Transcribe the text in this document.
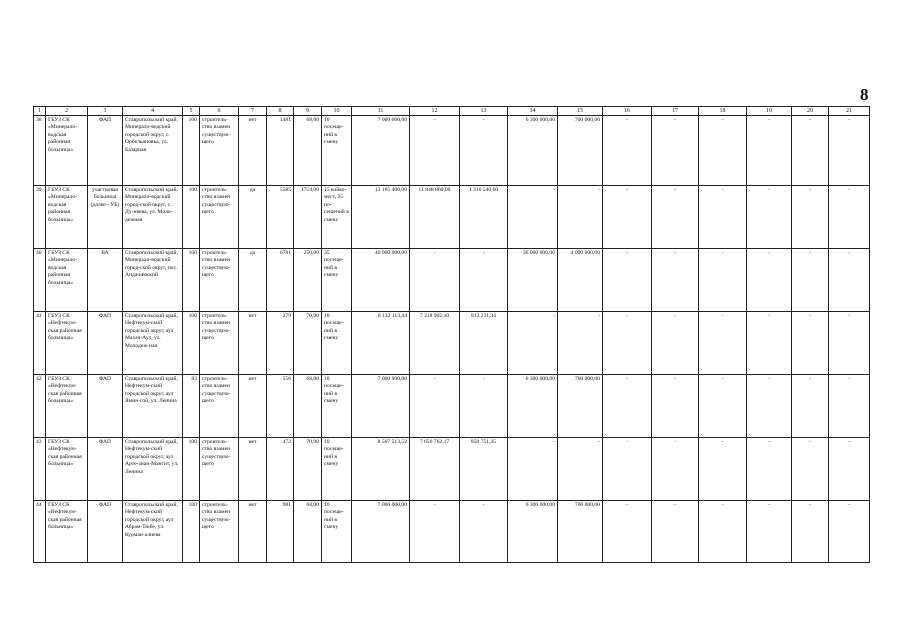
8
1	2	3	4	5	6	7	8	9	10	11	12	13	14	15	16	17	18	19	20	21
38	ГБУЗ СК «Минерало-водская районная больница»	ФАП	Ставропольский край, Минерало-водский городской округ, с. Орбельяновка, ул. Базарная	100	строитель-ство взамен существую-щего	нет	1481	68,00	10 посеще-ний в смену	7 000 000,00	-	-	6 300 000,00	700 000,00	-	-	-	-	-	-
39	ГБУЗ СК «Минерало-водская районная больница»	участковая больница (далее - УБ)	Ставропольский край, Минерало-водский город-ской округ, с. Ду-няева, ул. Моло-дежная	100	строитель-ство взамен существую-щего	да	5585	1754,00	15 койко-мест, 35 по-сещений в смену	13 165 400,00	11 848 860,00	1 316 540,00	-	-	-	-	-	-	-	-
40	ГБУЗ СК «Минерало-водская районная больница»	ВА	Ставропольский край, Минерало-водский город-ской округ, пос. Анджиевский	100	строитель-ство взамен существую-щего	да	6781	250,00	35 посеще-ний в смену	40 000 000,00	-	-	36 000 000,00	4 000 000,00	-	-	-	-	-	-
41	ГБУЗ СК «Нефтекум-ская районная больница»	ФАП	Ставропольский край, Нефтекум-ский городской округ, аул Махач-Аул, ул. Молодеж-ная	100	строитель-ство взамен существую-щего	нет	279	70,90	10 посеще-ний в смену	8 132 113,44	7 318 902,10	813 211,34	-	-	-	-	-	-	-	-
42	ГБУЗ СК «Нефтекум-ская районная больница»	ФАП	Ставропольский край, Нефтекум-ский городской округ, аул Ямин-гой, ул. Ленина	83	строитель-ство взамен существую-щего	нет	556	68,00	10 посеще-ний в смену	7 000 000,00	-	-	6 300 000,00	700 000,00	-	-	-	-	-	-
43	ГБУЗ СК «Нефтекум-ская районная больница»	ФАП	Ставропольский край, Нефтекум-ский городской округ, аул Арте-зиан-Мангит, ул. Ленина	100	строитель-ство взамен существую-щего	нет	472	70,90	10 посеще-ний в смену	8 507 513,52	7 656 762,17	850 751,35	-	-	-	-	-	-	-	-
44	ГБУЗ СК «Нефтекум-ская районная больница»	ФАП	Ставропольский край, Нефтекум-ский городской округ, аул Абрам-Тюбе, ул. Курман-алиева	100	строитель-ство взамен существую-щего	нет	981	68,00	10 посеще-ний в смену	7 000 000,00	-	-	6 300 000,00	700 000,00	-	-	-	-	-	-
